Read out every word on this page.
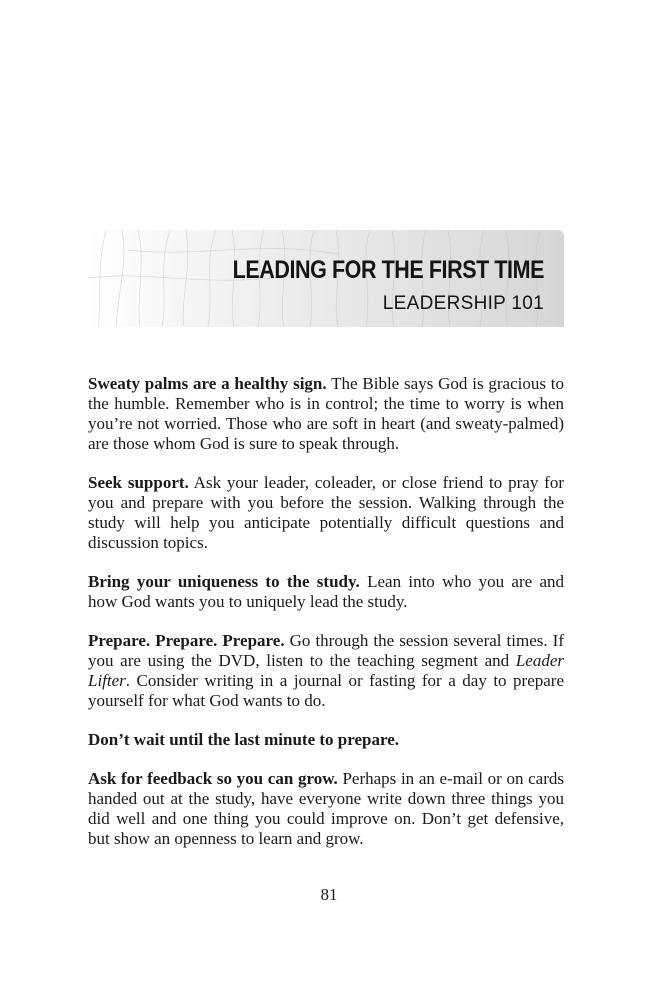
LEADING FOR THE FIRST TIME
LEADERSHIP 101

Sweaty palms are a healthy sign. The Bible says God is gracious to the humble. Remember who is in control; the time to worry is when you’re not worried. Those who are soft in heart (and sweaty-palmed) are those whom God is sure to speak through.

Seek support. Ask your leader, coleader, or close friend to pray for you and prepare with you before the session. Walking through the study will help you anticipate potentially difficult questions and discussion topics.

Bring your uniqueness to the study. Lean into who you are and how God wants you to uniquely lead the study.

Prepare. Prepare. Prepare. Go through the session several times. If you are using the DVD, listen to the teaching segment and Leader Lifter. Consider writing in a journal or fasting for a day to prepare yourself for what God wants to do.

Don’t wait until the last minute to prepare.

Ask for feedback so you can grow. Perhaps in an e-mail or on cards handed out at the study, have everyone write down three things you did well and one thing you could improve on. Don’t get defensive, but show an openness to learn and grow.

81
